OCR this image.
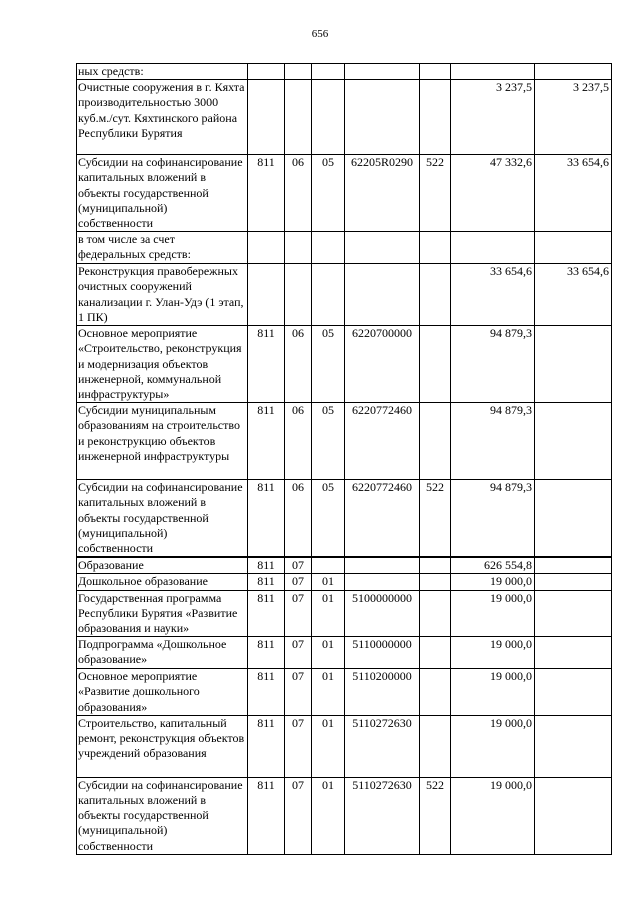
656
ных средств:							
Очистные сооружения в г. Кяхта производительностью 3000 куб.м./сут. Кяхтинского района Республики Бурятия						3 237,5	3 237,5
Субсидии на софинансирование капитальных вложений в объекты государственной (муниципальной) собственности	811	06	05	62205R0290	522	47 332,6	33 654,6
в том числе за счет федеральных средств:							
Реконструкция правобережных очистных сооружений канализации г. Улан-Удэ (1 этап, 1 ПК)						33 654,6	33 654,6
Основное мероприятие «Строительство, реконструкция и модернизация объектов инженерной, коммунальной инфраструктуры»	811	06	05	6220700000		94 879,3	
Субсидии муниципальным образованиям на строительство и реконструкцию объектов инженерной инфраструктуры	811	06	05	6220772460		94 879,3	
Субсидии на софинансирование капитальных вложений в объекты государственной (муниципальной) собственности	811	06	05	6220772460	522	94 879,3	
Образование	811	07				626 554,8	
Дошкольное образование	811	07	01			19 000,0	
Государственная программа Республики Бурятия «Развитие образования и науки»	811	07	01	5100000000		19 000,0	
Подпрограмма «Дошкольное образование»	811	07	01	5110000000		19 000,0	
Основное мероприятие «Развитие дошкольного образования»	811	07	01	5110200000		19 000,0	
Строительство, капитальный ремонт, реконструкция объектов учреждений образования	811	07	01	5110272630		19 000,0	
Субсидии на софинансирование капитальных вложений в объекты государственной (муниципальной) собственности	811	07	01	5110272630	522	19 000,0	
